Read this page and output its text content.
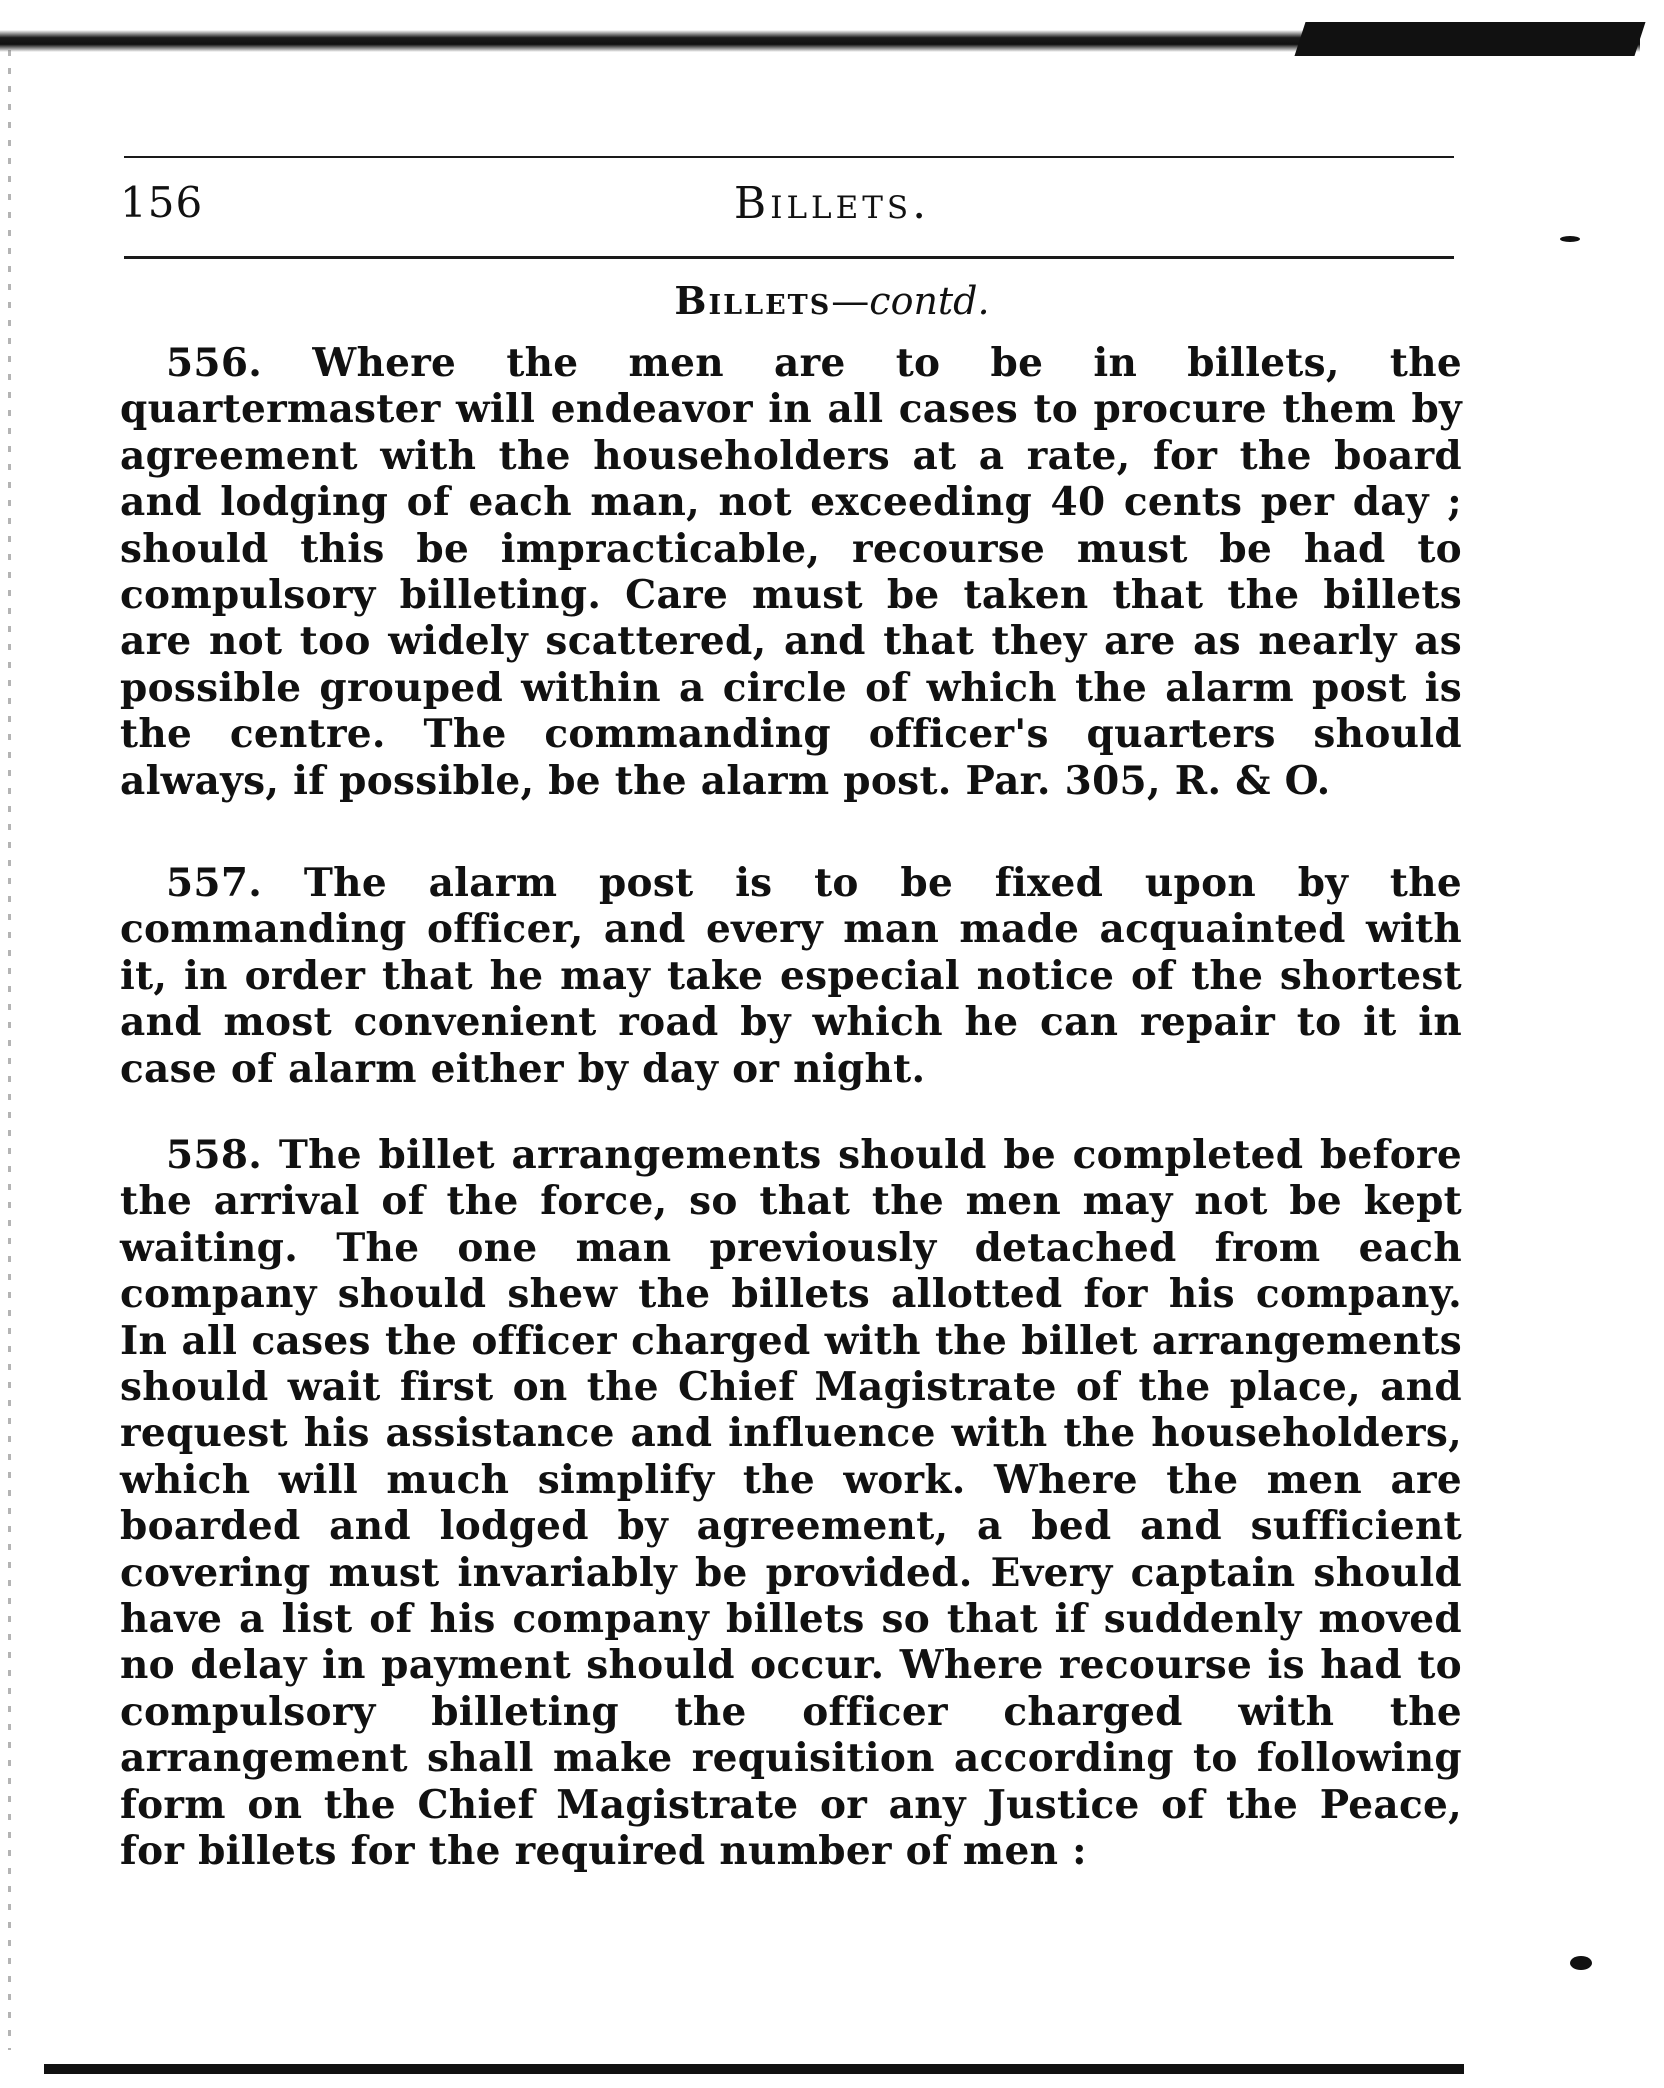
156	Billets.
Billets—contd.

556. Where the men are to be in billets, the quartermaster will endeavor in all cases to procure them by agreement with the householders at a rate, for the board and lodging of each man, not exceeding 40 cents per day ; should this be impracticable, recourse must be had to compulsory billeting. Care must be taken that the billets are not too widely scattered, and that they are as nearly as possible grouped within a circle of which the alarm post is the centre. The commanding officer's quarters should always, if possible, be the alarm post. Par. 305, R. & O.

557. The alarm post is to be fixed upon by the commanding officer, and every man made acquainted with it, in order that he may take especial notice of the shortest and most convenient road by which he can repair to it in case of alarm either by day or night.

558. The billet arrangements should be completed before the arrival of the force, so that the men may not be kept waiting. The one man previously detached from each company should shew the billets allotted for his company. In all cases the officer charged with the billet arrangements should wait first on the Chief Magistrate of the place, and request his assistance and influence with the householders, which will much simplify the work. Where the men are boarded and lodged by agreement, a bed and sufficient covering must invariably be provided. Every captain should have a list of his company billets so that if suddenly moved no delay in payment should occur. Where recourse is had to compulsory billeting the officer charged with the arrangement shall make requisition according to following form on the Chief Magistrate or any Justice of the Peace, for billets for the required number of men :
